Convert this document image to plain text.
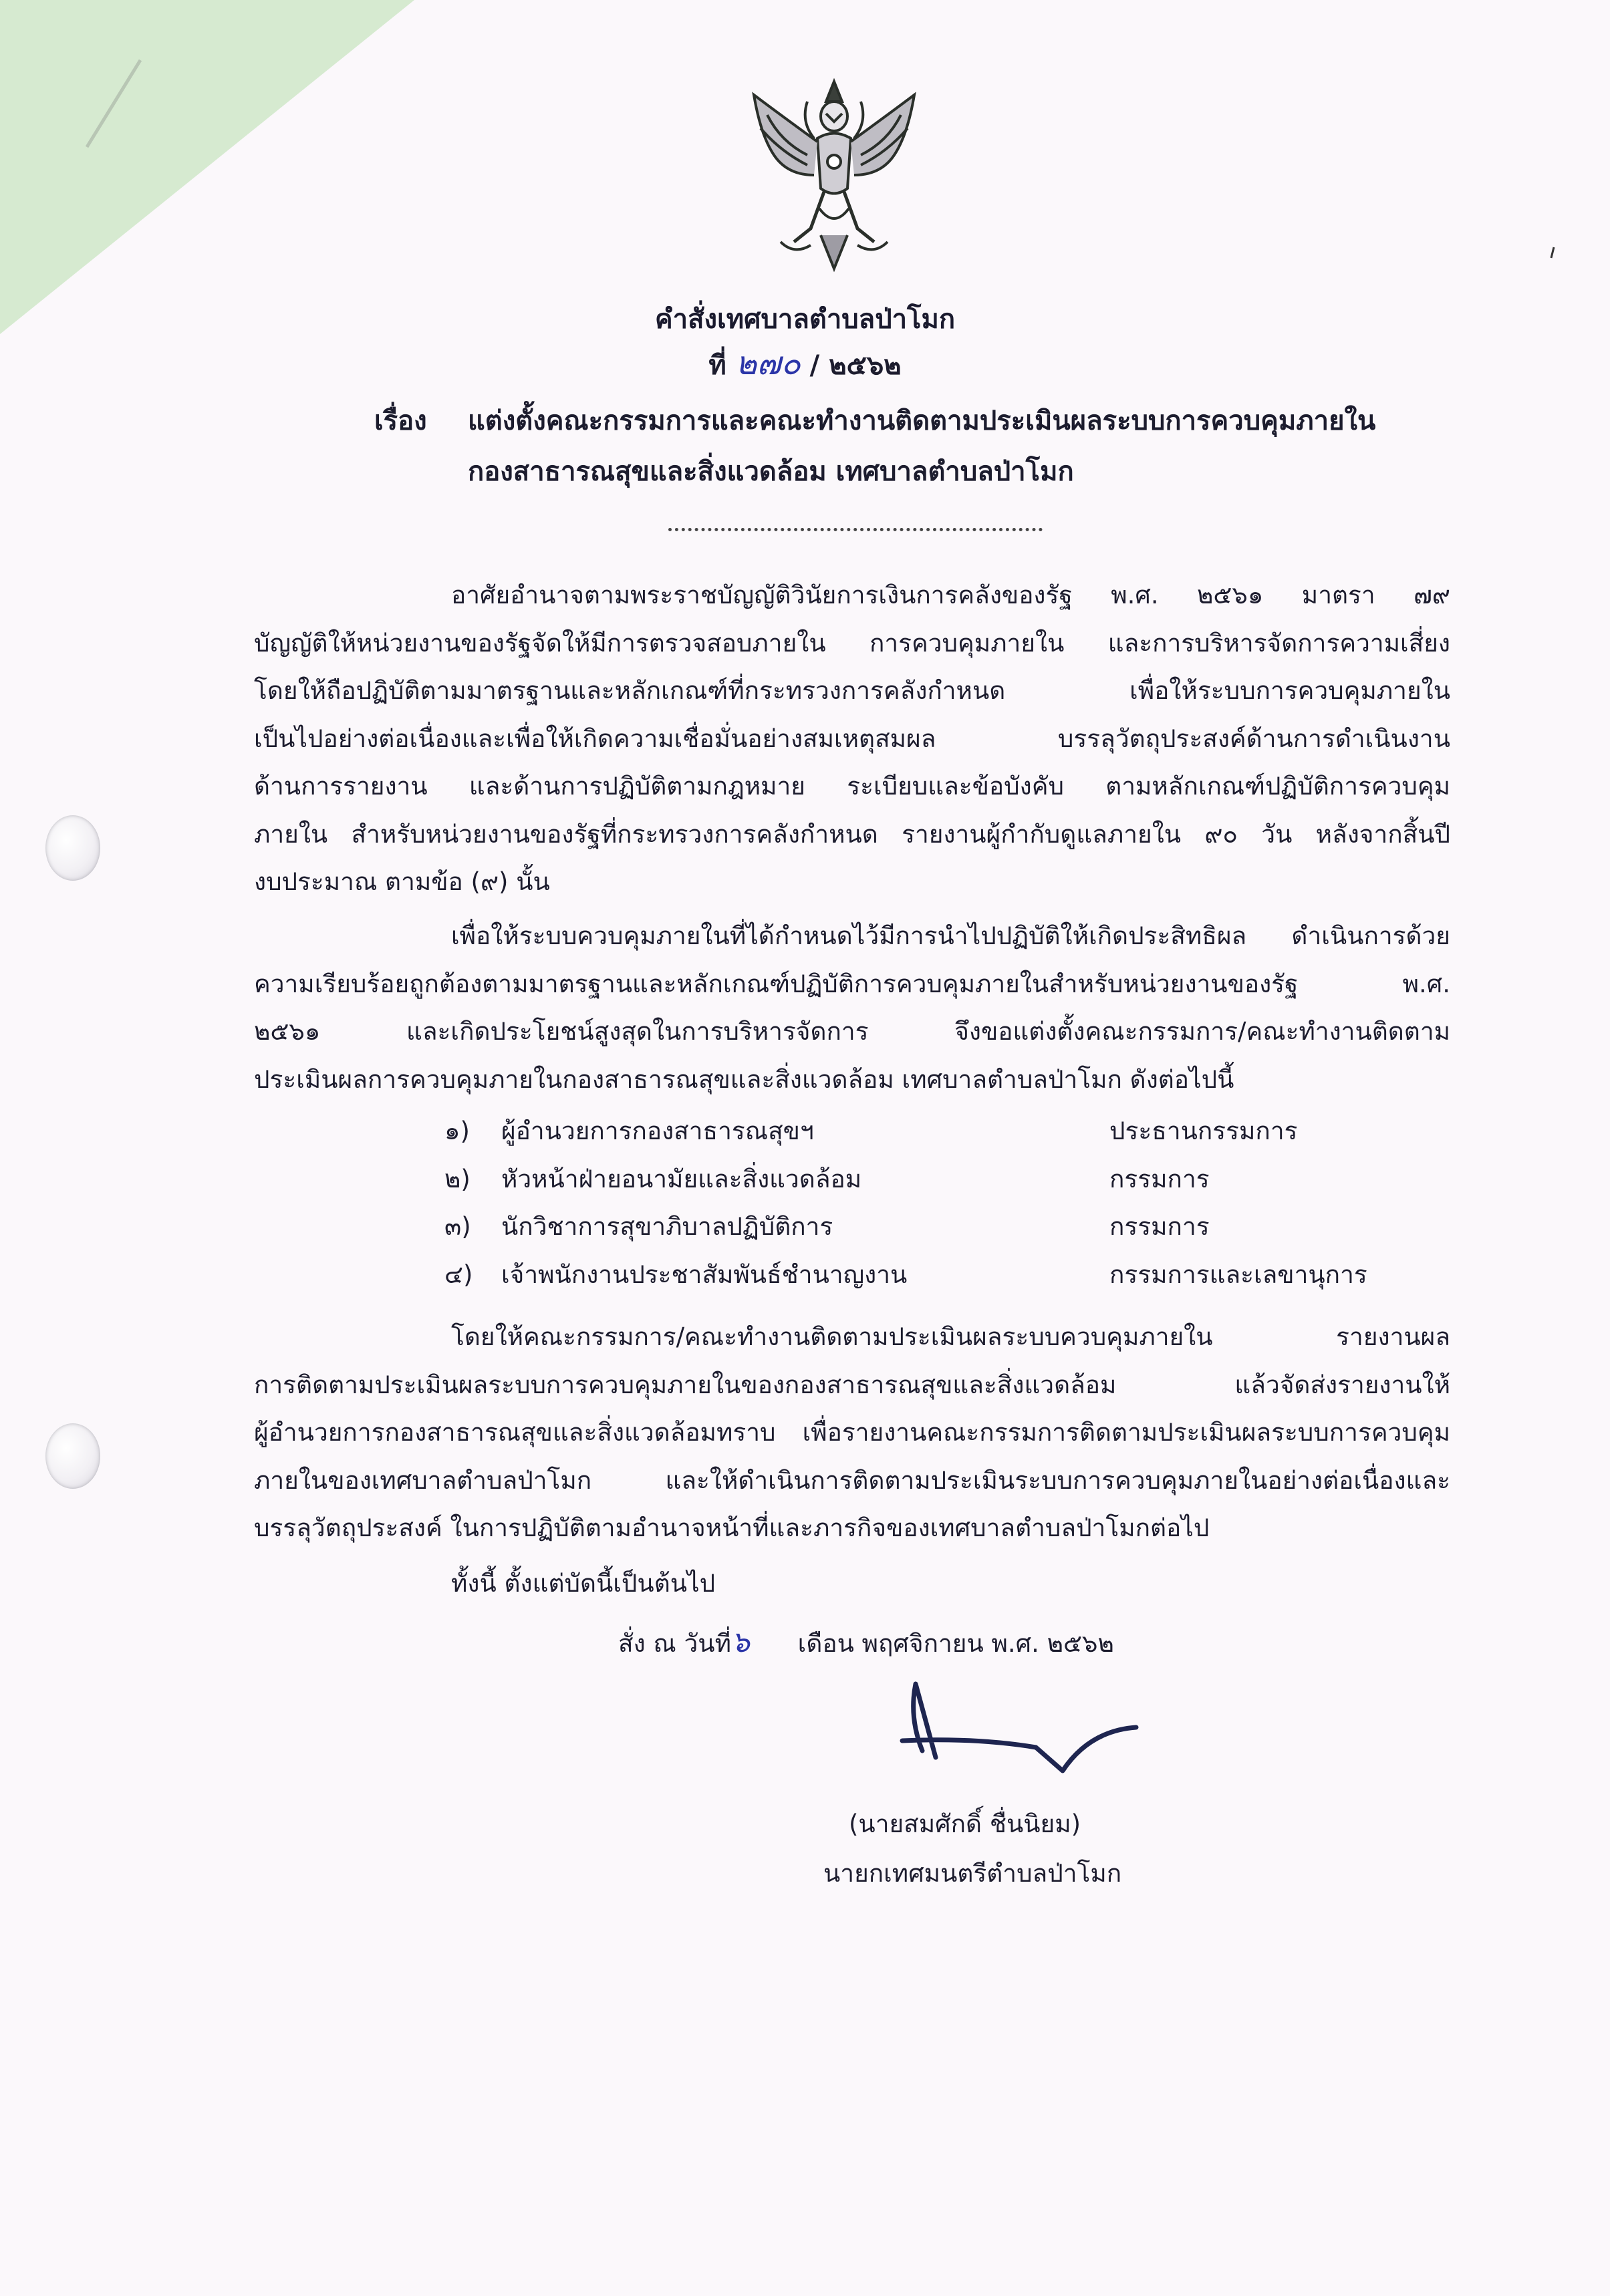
คำสั่งเทศบาลตำบลป่าโมก
ที่ ๒๗๐ / ๒๕๖๒
เรื่อง แต่งตั้งคณะกรรมการและคณะทำงานติดตามประเมินผลระบบการควบคุมภายใน
กองสาธารณสุขและสิ่งแวดล้อม เทศบาลตำบลป่าโมก

อาศัยอำนาจตามพระราชบัญญัติวินัยการเงินการคลังของรัฐ พ.ศ. ๒๕๖๑ มาตรา ๗๙

บัญญัติให้หน่วยงานของรัฐจัดให้มีการตรวจสอบภายใน การควบคุมภายใน และการบริหารจัดการความเสี่ยง

โดยให้ถือปฏิบัติตามมาตรฐานและหลักเกณฑ์ที่กระทรวงการคลังกำหนด เพื่อให้ระบบการควบคุมภายใน

เป็นไปอย่างต่อเนื่องและเพื่อให้เกิดความเชื่อมั่นอย่างสมเหตุสมผล บรรลุวัตถุประสงค์ด้านการดำเนินงาน

ด้านการรายงาน และด้านการปฏิบัติตามกฎหมาย ระเบียบและข้อบังคับ ตามหลักเกณฑ์ปฏิบัติการควบคุม

ภายใน สำหรับหน่วยงานของรัฐที่กระทรวงการคลังกำหนด รายงานผู้กำกับดูแลภายใน ๙๐ วัน หลังจากสิ้นปี

งบประมาณ ตามข้อ (๙) นั้น

เพื่อให้ระบบควบคุมภายในที่ได้กำหนดไว้มีการนำไปปฏิบัติให้เกิดประสิทธิผล ดำเนินการด้วย

ความเรียบร้อยถูกต้องตามมาตรฐานและหลักเกณฑ์ปฏิบัติการควบคุมภายในสำหรับหน่วยงานของรัฐ พ.ศ.

๒๕๖๑ และเกิดประโยชน์สูงสุดในการบริหารจัดการ จึงขอแต่งตั้งคณะกรรมการ/คณะทำงานติดตาม

ประเมินผลการควบคุมภายในกองสาธารณสุขและสิ่งแวดล้อม เทศบาลตำบลป่าโมก ดังต่อไปนี้

๑) ผู้อำนวยการกองสาธารณสุขฯ	ประธานกรรมการ
๒) หัวหน้าฝ่ายอนามัยและสิ่งแวดล้อม	กรรมการ
๓) นักวิชาการสุขาภิบาลปฏิบัติการ	กรรมการ
๔) เจ้าพนักงานประชาสัมพันธ์ชำนาญงาน	กรรมการและเลขานุการ

โดยให้คณะกรรมการ/คณะทำงานติดตามประเมินผลระบบควบคุมภายใน รายงานผล

การติดตามประเมินผลระบบการควบคุมภายในของกองสาธารณสุขและสิ่งแวดล้อม แล้วจัดส่งรายงานให้

ผู้อำนวยการกองสาธารณสุขและสิ่งแวดล้อมทราบ เพื่อรายงานคณะกรรมการติดตามประเมินผลระบบการควบคุม

ภายในของเทศบาลตำบลป่าโมก และให้ดำเนินการติดตามประเมินระบบการควบคุมภายในอย่างต่อเนื่องและ

บรรลุวัตถุประสงค์ ในการปฏิบัติตามอำนาจหน้าที่และภารกิจของเทศบาลตำบลป่าโมกต่อไป

ทั้งนี้ ตั้งแต่บัดนี้เป็นต้นไป
สั่ง ณ วันที่๖ เดือน พฤศจิกายน พ.ศ. ๒๕๖๒
(นายสมศักดิ์ ชื่นนิยม)
นายกเทศมนตรีตำบลป่าโมก
